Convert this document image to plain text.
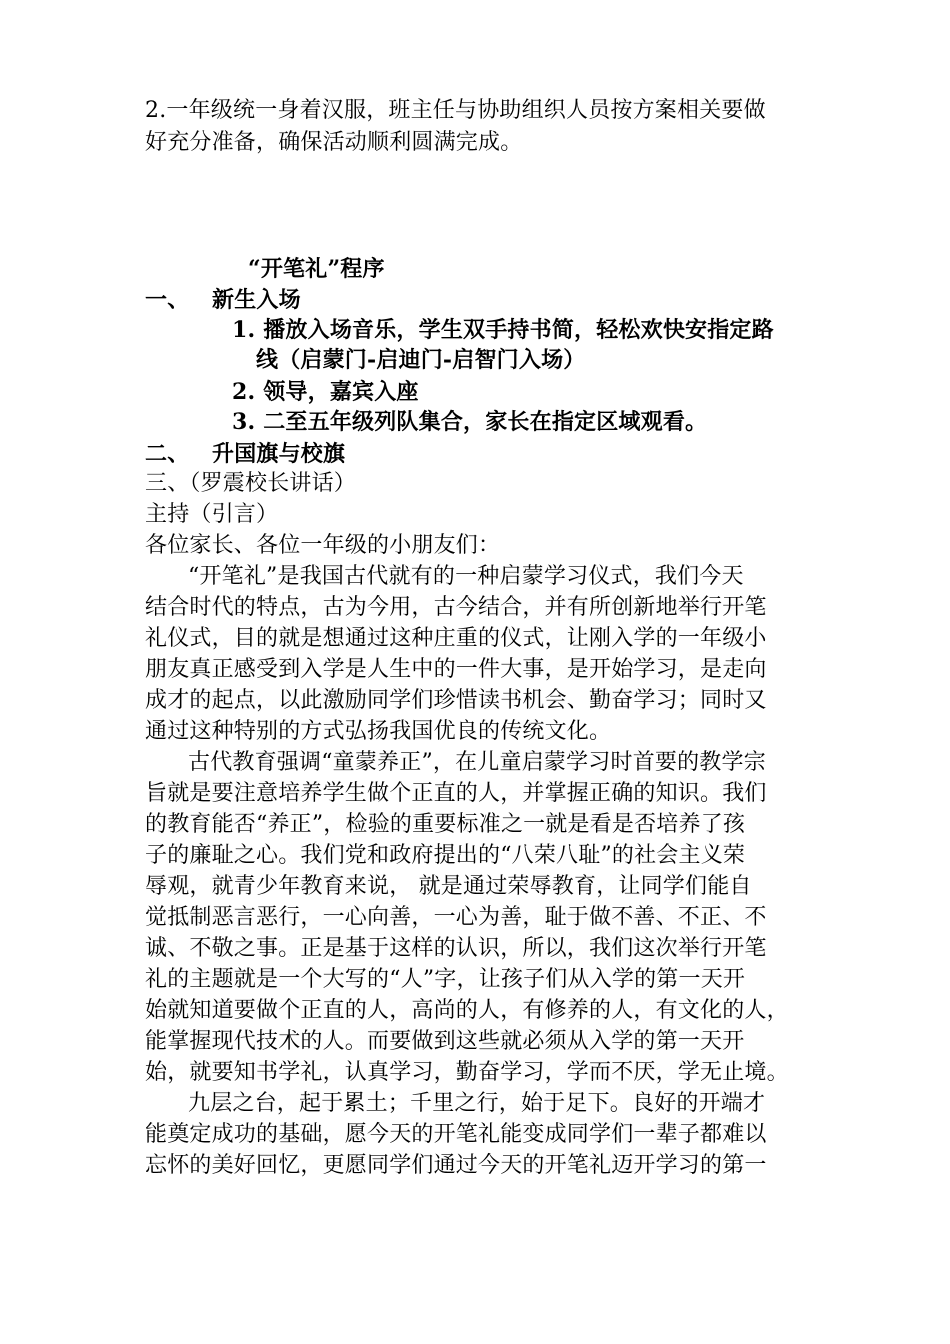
2.一年级统一身着汉服，班主任与协助组织人员按方案相关要做
好充分准备，确保活动顺利圆满完成。
“开笔礼”程序
一、 新生入场
1. 播放入场音乐，学生双手持书简，轻松欢快安指定路
线（启蒙门-启迪门-启智门入场）
2. 领导，嘉宾入座
3. 二至五年级列队集合，家长在指定区域观看。
二、 升国旗与校旗
三、（罗震校长讲话）
主持（引言）
各位家长、各位一年级的小朋友们：
“开笔礼”是我国古代就有的一种启蒙学习仪式，我们今天
结合时代的特点，古为今用，古今结合，并有所创新地举行开笔
礼仪式，目的就是想通过这种庄重的仪式，让刚入学的一年级小
朋友真正感受到入学是人生中的一件大事，是开始学习，是走向
成才的起点，以此激励同学们珍惜读书机会、勤奋学习；同时又
通过这种特别的方式弘扬我国优良的传统文化。
古代教育强调“童蒙养正”，在儿童启蒙学习时首要的教学宗
旨就是要注意培养学生做个正直的人，并掌握正确的知识。我们
的教育能否“养正”，检验的重要标准之一就是看是否培养了孩
子的廉耻之心。我们党和政府提出的“八荣八耻”的社会主义荣
辱观，就青少年教育来说， 就是通过荣辱教育，让同学们能自
觉抵制恶言恶行，一心向善，一心为善，耻于做不善、不正、不
诚、不敬之事。正是基于这样的认识，所以，我们这次举行开笔
礼的主题就是一个大写的“人”字，让孩子们从入学的第一天开
始就知道要做个正直的人，高尚的人，有修养的人，有文化的人，
能掌握现代技术的人。而要做到这些就必须从入学的第一天开
始，就要知书学礼，认真学习，勤奋学习，学而不厌，学无止境。
九层之台，起于累土；千里之行，始于足下。良好的开端才
能奠定成功的基础，愿今天的开笔礼能变成同学们一辈子都难以
忘怀的美好回忆，更愿同学们通过今天的开笔礼迈开学习的第一
